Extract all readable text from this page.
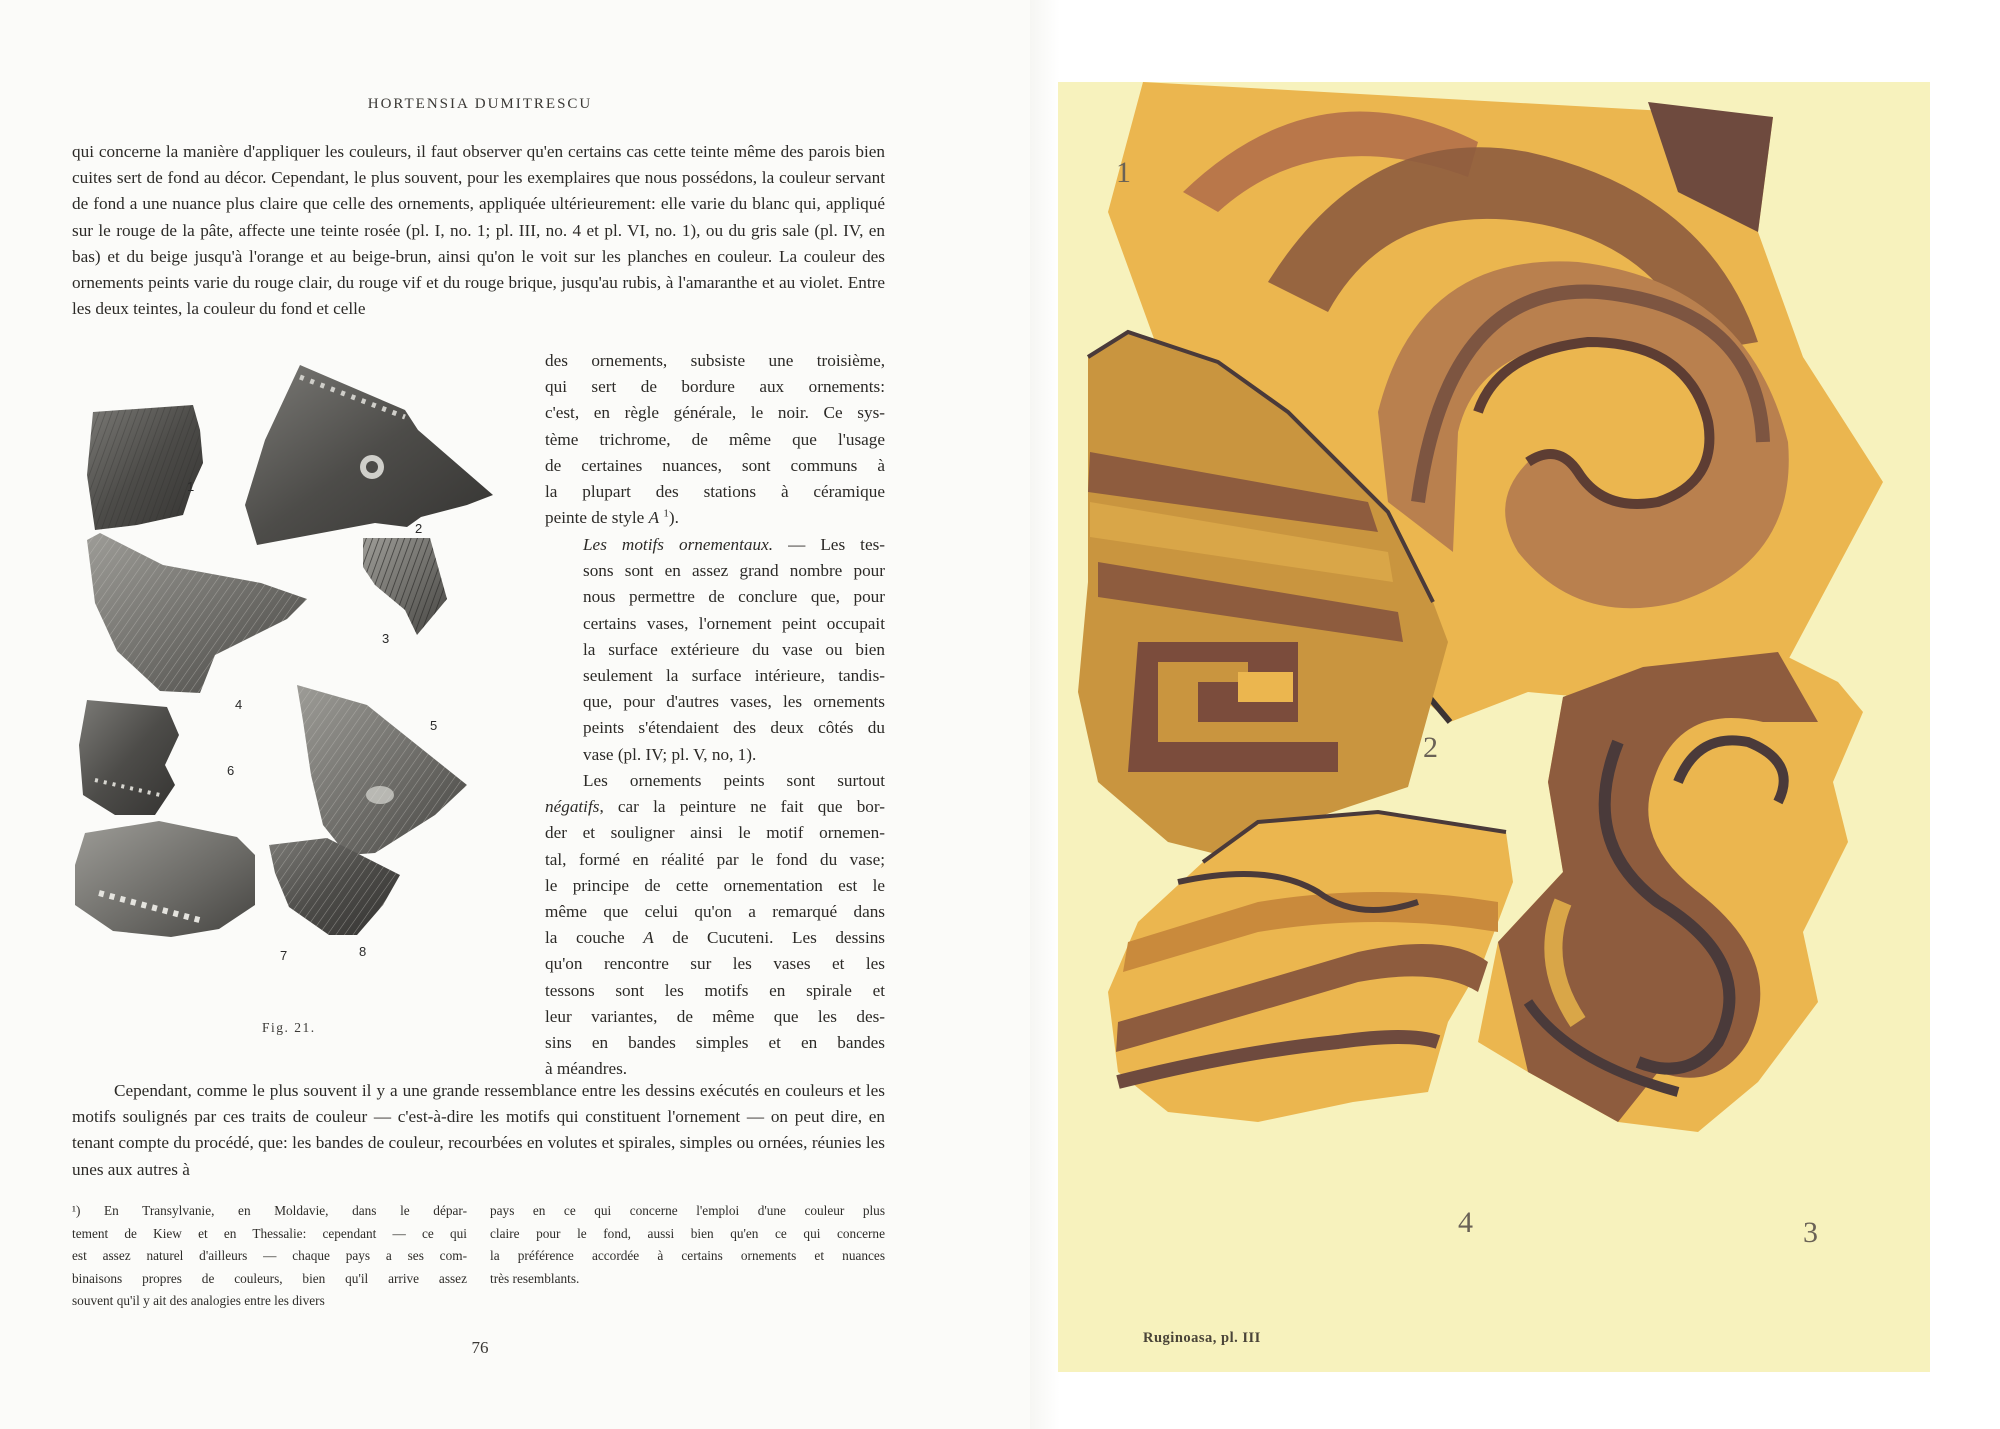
HORTENSIA DUMITRESCU

qui concerne la manière d'appliquer les couleurs, il faut observer qu'en certains cas cette teinte même des parois bien cuites sert de fond au décor. Cependant, le plus souvent, pour les exemplaires que nous possédons, la couleur servant de fond a une nuance plus claire que celle des ornements, appliquée ultérieurement: elle varie du blanc qui, appliqué sur le rouge de la pâte, affecte une teinte rosée (pl. I, no. 1; pl. III, no. 4 et pl. VI, no. 1), ou du gris sale (pl. IV, en bas) et du beige jusqu'à l'orange et au beige-brun, ainsi qu'on le voit sur les planches en couleur. La couleur des ornements peints varie du rouge clair, du rouge vif et du rouge brique, jusqu'au rubis, à l'amaranthe et au violet. Entre les deux teintes, la couleur du fond et celle

des ornements, subsiste une troisième,
qui sert de bordure aux ornements:
c'est, en règle générale, le noir. Ce sys-
tème trichrome, de même que l'usage
de certaines nuances, sont communs à
la plupart des stations à céramique
peinte de style A $^1$).
Les motifs ornementaux. — Les tes-
sons sont en assez grand nombre pour
nous permettre de conclure que, pour
certains vases, l'ornement peint occupait
la surface extérieure du vase ou bien
seulement la surface intérieure, tandis-
que, pour d'autres vases, les ornements
peints s'étendaient des deux côtés du
vase (pl. IV; pl. V, no, 1).
Les ornements peints sont surtout
négatifs, car la peinture ne fait que bor-
der et souligner ainsi le motif ornemen-
tal, formé en réalité par le fond du vase;
le principe de cette ornementation est le
même que celui qu'on a remarqué dans
la couche A de Cucuteni. Les dessins
qu'on rencontre sur les vases et les
tessons sont les motifs en spirale et
leur variantes, de même que les des-
sins en bandes simples et en bandes
à méandres.
1
2
3
4
5
6
7	8
Fig. 21.

Cependant, comme le plus souvent il y a une grande ressemblance entre les dessins exécutés en couleurs et les motifs soulignés par ces traits de couleur — c'est-à-dire les motifs qui constituent l'ornement — on peut dire, en tenant compte du procédé, que: les bandes de couleur, recourbées en volutes et spirales, simples ou ornées, réunies les unes aux autres à

¹) En Transylvanie, en Moldavie, dans le dépar-
tement de Kiew et en Thessalie: cependant — ce qui
est assez naturel d'ailleurs — chaque pays a ses com-
binaisons propres de couleurs, bien qu'il arrive assez
souvent qu'il y ait des analogies entre les divers
pays en ce qui concerne l'emploi d'une couleur plus
claire pour le fond, aussi bien qu'en ce qui concerne
la préférence accordée à certains ornements et nuances
très resemblants.
76
1
2
3
4
Ruginoasa, pl. III
